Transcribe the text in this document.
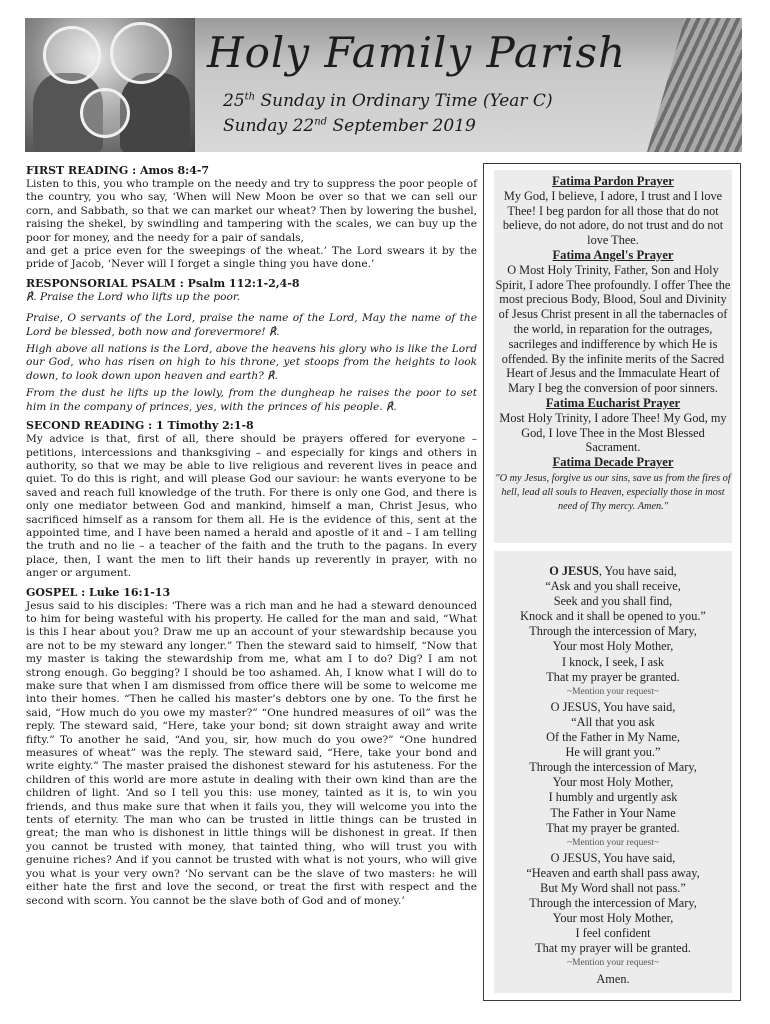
Holy Family Parish
25th Sunday in Ordinary Time (Year C)
Sunday 22nd September 2019
FIRST READING : Amos 8:4-7

Listen to this, you who trample on the needy and try to suppress the poor people of the country, you who say, ‘When will New Moon be over so that we can sell our corn, and Sabbath, so that we can market our wheat? Then by lowering the bushel, raising the shekel, by swindling and tampering with the scales, we can buy up the poor for money, and the needy for a pair of sandals,

and get a price even for the sweepings of the wheat.’ The Lord swears it by the pride of Jacob, ‘Never will I forget a single thing you have done.’

RESPONSORIAL PSALM : Psalm 112:1-2,4-8

℟. Praise the Lord who lifts up the poor.

Praise, O servants of the Lord, praise the name of the Lord, May the name of the Lord be blessed, both now and forevermore! ℟.

High above all nations is the Lord, above the heavens his glory who is like the Lord our God, who has risen on high to his throne, yet stoops from the heights to look down, to look down upon heaven and earth? ℟.

From the dust he lifts up the lowly, from the dungheap he raises the poor to set him in the company of princes, yes, with the princes of his people. ℟.

SECOND READING : 1 Timothy 2:1-8

My advice is that, first of all, there should be prayers offered for everyone – petitions, intercessions and thanksgiving – and especially for kings and others in authority, so that we may be able to live religious and reverent lives in peace and quiet. To do this is right, and will please God our saviour: he wants everyone to be saved and reach full knowledge of the truth. For there is only one God, and there is only one mediator between God and mankind, himself a man, Christ Jesus, who sacrificed himself as a ransom for them all. He is the evidence of this, sent at the appointed time, and I have been named a herald and apostle of it and – I am telling the truth and no lie – a teacher of the faith and the truth to the pagans. In every place, then, I want the men to lift their hands up reverently in prayer, with no anger or argument.

GOSPEL : Luke 16:1-13

Jesus said to his disciples: ‘There was a rich man and he had a steward denounced to him for being wasteful with his property. He called for the man and said, “What is this I hear about you? Draw me up an account of your stewardship because you are not to be my steward any longer.” Then the steward said to himself, “Now that my master is taking the stewardship from me, what am I to do? Dig? I am not strong enough. Go begging? I should be too ashamed. Ah, I know what I will do to make sure that when I am dismissed from office there will be some to welcome me into their homes. “Then he called his master’s debtors one by one. To the first he said, “How much do you owe my master?” “One hundred measures of oil” was the reply. The steward said, “Here, take your bond; sit down straight away and write fifty.” To another he said, “And you, sir, how much do you owe?” “One hundred measures of wheat” was the reply. The steward said, “Here, take your bond and write eighty.” The master praised the dishonest steward for his astuteness. For the children of this world are more astute in dealing with their own kind than are the children of light. ‘And so I tell you this: use money, tainted as it is, to win you friends, and thus make sure that when it fails you, they will welcome you into the tents of eternity. The man who can be trusted in little things can be trusted in great; the man who is dishonest in little things will be dishonest in great. If then you cannot be trusted with money, that tainted thing, who will trust you with genuine riches? And if you cannot be trusted with what is not yours, who will give you what is your very own? ‘No servant can be the slave of two masters: he will either hate the first and love the second, or treat the first with respect and the second with scorn. You cannot be the slave both of God and of money.’

Fatima Pardon Prayer
My God, I believe, I adore, I trust and I love Thee! I beg pardon for all those that do not believe, do not adore, do not trust and do not love Thee.
Fatima Angel's Prayer
O Most Holy Trinity, Father, Son and Holy Spirit, I adore Thee profoundly. I offer Thee the most precious Body, Blood, Soul and Divinity of Jesus Christ present in all the tabernacles of the world, in reparation for the outrages, sacrileges and indifference by which He is offended. By the infinite merits of the Sacred Heart of Jesus and the Immaculate Heart of Mary I beg the conversion of poor sinners.
Fatima Eucharist Prayer
Most Holy Trinity, I adore Thee! My God, my God, I love Thee in the Most Blessed Sacrament.
Fatima Decade Prayer
"O my Jesus, forgive us our sins, save us from the fires of hell, lead all souls to Heaven, especially those in most need of Thy mercy. Amen."
O JESUS, You have said,
“Ask and you shall receive,
Seek and you shall find,
Knock and it shall be opened to you.”
Through the intercession of Mary,
Your most Holy Mother,
I knock, I seek, I ask
That my prayer be granted.
~Mention your request~
O JESUS, You have said,
“All that you ask
Of the Father in My Name,
He will grant you.”
Through the intercession of Mary,
Your most Holy Mother,
I humbly and urgently ask
The Father in Your Name
That my prayer be granted.
~Mention your request~
O JESUS, You have said,
“Heaven and earth shall pass away,
But My Word shall not pass.”
Through the intercession of Mary,
Your most Holy Mother,
I feel confident
That my prayer will be granted.
~Mention your request~
Amen.
